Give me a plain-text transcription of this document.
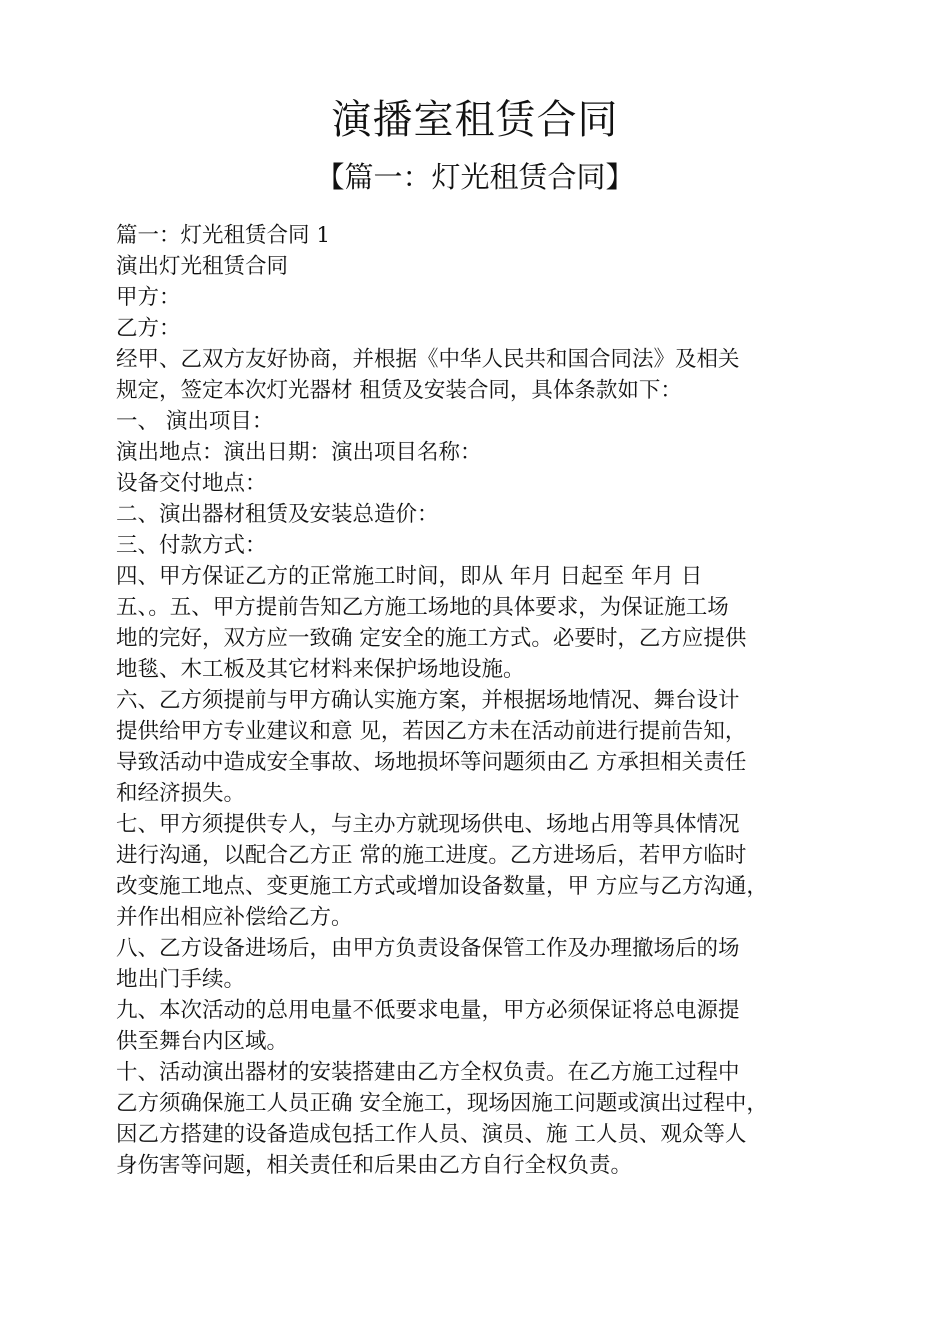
演播室租赁合同
【篇一：灯光租赁合同】
篇一：灯光租赁合同 1
演出灯光租赁合同
甲方：
乙方：
经甲、乙双方友好协商，并根据《中华人民共和国合同法》及相关
规定，签定本次灯光器材 租赁及安装合同，具体条款如下：
一、 演出项目：
演出地点：演出日期：演出项目名称：
设备交付地点：
二、演出器材租赁及安装总造价：
三、付款方式：
四、甲方保证乙方的正常施工时间，即从 年月 日起至 年月 日
五、。五、甲方提前告知乙方施工场地的具体要求，为保证施工场
地的完好，双方应一致确 定安全的施工方式。必要时，乙方应提供
地毯、木工板及其它材料来保护场地设施。
六、乙方须提前与甲方确认实施方案，并根据场地情况、舞台设计
提供给甲方专业建议和意 见，若因乙方未在活动前进行提前告知，
导致活动中造成安全事故、场地损坏等问题须由乙 方承担相关责任
和经济损失。
七、甲方须提供专人，与主办方就现场供电、场地占用等具体情况
进行沟通，以配合乙方正 常的施工进度。乙方进场后，若甲方临时
改变施工地点、变更施工方式或增加设备数量，甲 方应与乙方沟通，
并作出相应补偿给乙方。
八、乙方设备进场后，由甲方负责设备保管工作及办理撤场后的场
地出门手续。
九、本次活动的总用电量不低要求电量，甲方必须保证将总电源提
供至舞台内区域。
十、活动演出器材的安装搭建由乙方全权负责。在乙方施工过程中
乙方须确保施工人员正确 安全施工，现场因施工问题或演出过程中，
因乙方搭建的设备造成包括工作人员、演员、施 工人员、观众等人
身伤害等问题，相关责任和后果由乙方自行全权负责。
